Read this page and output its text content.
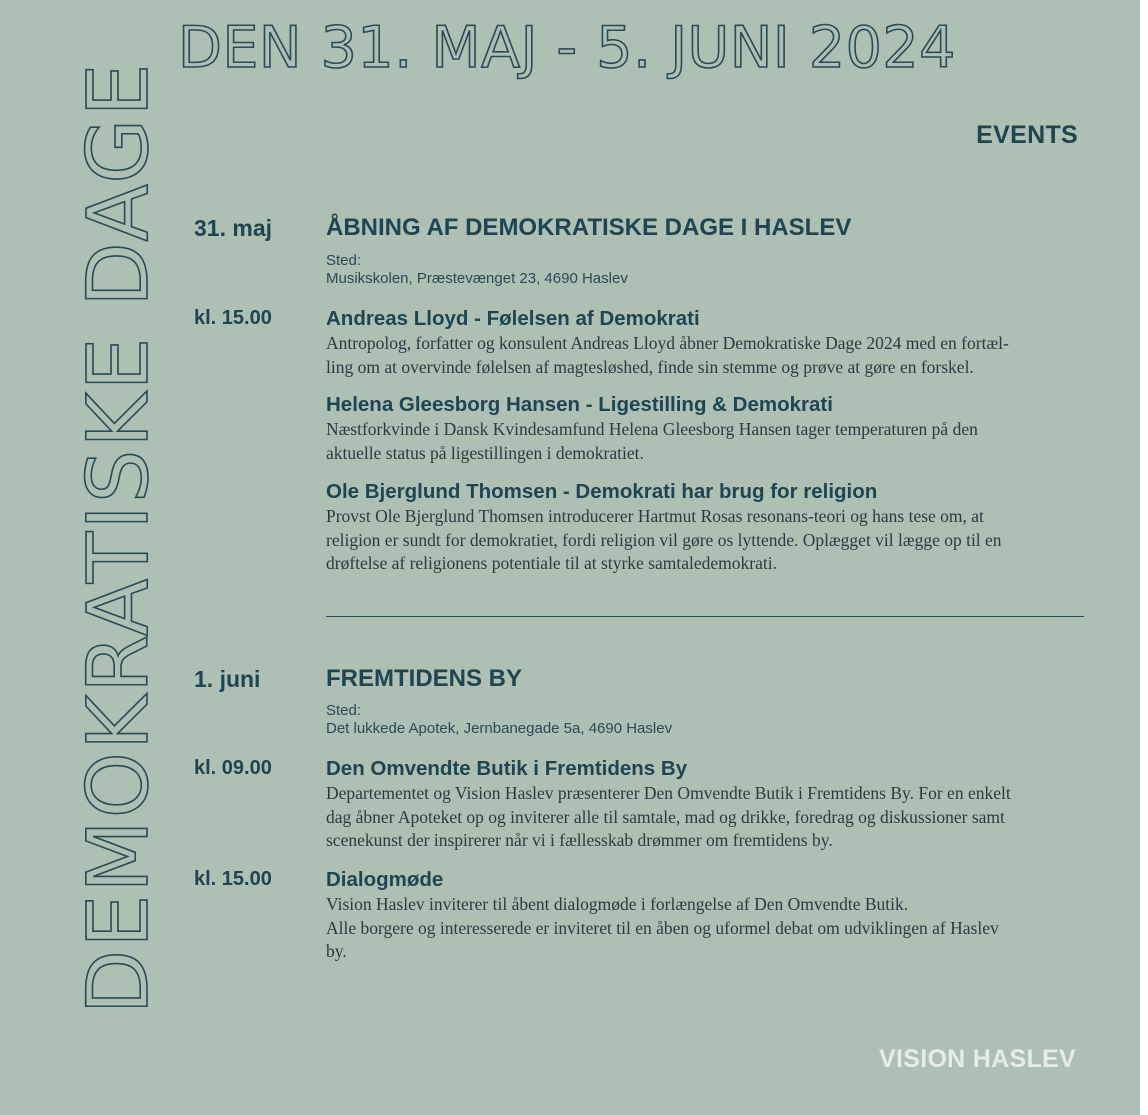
DEMOKRATISKE DAGE
DEN 31. MAJ - 5. JUNI 2024
EVENTS
31. maj ÅBNING AF DEMOKRATISKE DAGE I HASLEV
Sted:
Musikskolen, Præstevænget 23, 4690 Haslev
kl. 15.00	Andreas Lloyd - Følelsen af Demokrati
Antropolog, forfatter og konsulent Andreas Lloyd åbner Demokratiske Dage 2024 med en fortæl-
ling om at overvinde følelsen af magtesløshed, finde sin stemme og prøve at gøre en forskel.
Helena Gleesborg Hansen - Ligestilling & Demokrati
Næstforkvinde i Dansk Kvindesamfund Helena Gleesborg Hansen tager temperaturen på den
aktuelle status på ligestillingen i demokratiet.
Ole Bjerglund Thomsen - Demokrati har brug for religion
Provst Ole Bjerglund Thomsen introducerer Hartmut Rosas resonans-teori og hans tese om, at
religion er sundt for demokratiet, fordi religion vil gøre os lyttende. Oplægget vil lægge op til en
drøftelse af religionens potentiale til at styrke samtaledemokrati.
1. juni	FREMTIDENS BY
Sted:
Det lukkede Apotek, Jernbanegade 5a, 4690 Haslev
kl. 09.00	Den Omvendte Butik i Fremtidens By
Departementet og Vision Haslev præsenterer Den Omvendte Butik i Fremtidens By. For en enkelt
dag åbner Apoteket op og inviterer alle til samtale, mad og drikke, foredrag og diskussioner samt
scenekunst der inspirerer når vi i fællesskab drømmer om fremtidens by.
kl. 15.00	Dialogmøde
Vision Haslev inviterer til åbent dialogmøde i forlængelse af Den Omvendte Butik.
Alle borgere og interesserede er inviteret til en åben og uformel debat om udviklingen af Haslev
by.
VISION HASLEV
